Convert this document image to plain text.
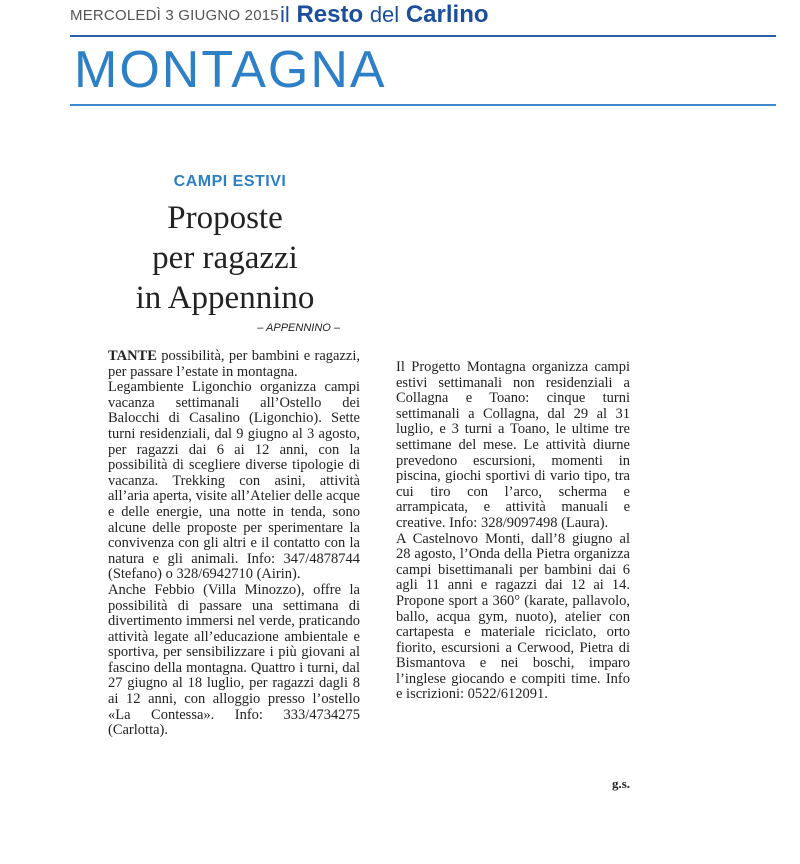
MERCOLEDÌ 3 GIUGNO 2015 il Resto del Carlino
MONTAGNA
CAMPI ESTIVI
Proposte
per ragazzi
in Appennino
– APPENNINO –

TANTE possibilità, per bambini e ragazzi, per passare l’estate in montagna.

Legambiente Ligonchio organizza campi vacanza settimanali all’Ostello dei Balocchi di Casalino (Ligonchio). Sette turni residenziali, dal 9 giugno al 3 agosto, per ragazzi dai 6 ai 12 anni, con la possibilità di scegliere diverse tipologie di vacanza. Trekking con asini, attività all’aria aperta, visite all’Atelier delle acque e delle energie, una notte in tenda, sono alcune delle proposte per sperimentare la convivenza con gli altri e il contatto con la natura e gli animali. Info: 347/4878744 (Stefano) o 328/6942710 (Airin).

Anche Febbio (Villa Minozzo), offre la possibilità di passare una settimana di divertimento immersi nel verde, praticando attività legate all’educazione ambientale e sportiva, per sensibilizzare i più giovani al fascino della montagna. Quattro i turni, dal 27 giugno al 18 luglio, per ragazzi dagli 8 ai 12 anni, con alloggio presso l’ostello «La Contessa». Info: 333/4734275 (Carlotta).

Il Progetto Montagna organizza campi estivi settimanali non residenziali a Collagna e Toano: cinque turni settimanali a Collagna, dal 29 al 31 luglio, e 3 turni a Toano, le ultime tre settimane del mese. Le attività diurne prevedono escursioni, momenti in piscina, giochi sportivi di vario tipo, tra cui tiro con l’arco, scherma e arrampicata, e attività manuali e creative. Info: 328/9097498 (Laura).

A Castelnovo Monti, dall’8 giugno al 28 agosto, l’Onda della Pietra organizza campi bisettimanali per bambini dai 6 agli 11 anni e ragazzi dai 12 ai 14. Propone sport a 360° (karate, pallavolo, ballo, acqua gym, nuoto), atelier con cartapesta e materiale riciclato, orto fiorito, escursioni a Cerwood, Pietra di Bismantova e nei boschi, imparo l’inglese giocando e compiti time. Info e iscrizioni: 0522/612091.

g.s.
